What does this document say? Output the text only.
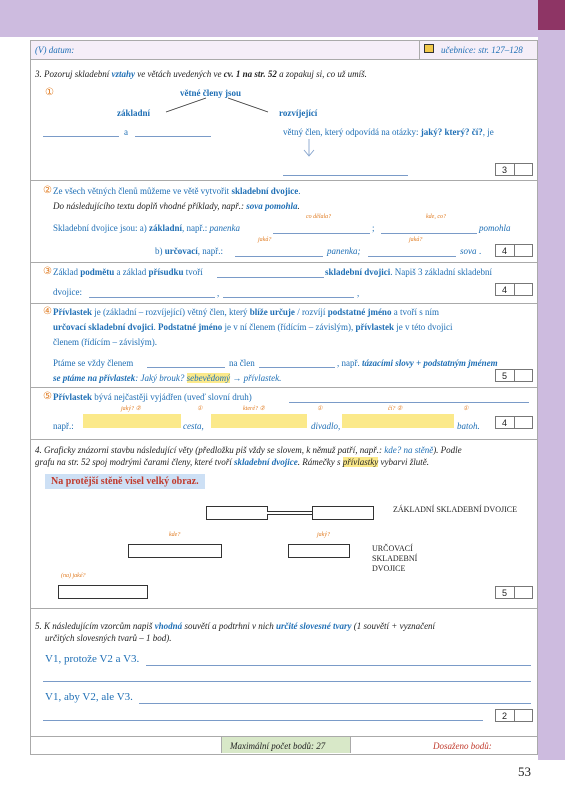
(V) datum:	učebnice: str. 127–128
3. Pozoruj skladební vztahy ve větách uvedených ve cv. 1 na str. 52 a zopakuj si, co už umíš.
①	větné členy jsou
základní	rozvíjející
a	větný člen, který odpovídá na otázky: jaký? který? čí?, je
3
② Ze všech větných členů můžeme ve větě vytvořit skladební dvojice.
Do následujícího textu doplň vhodné příklady, např.: sova pomohla.
co dělala?	kde, co?
Skladební dvojice jsou: a) základní, např.: panenka	;	pomohla
jaká?	jaká?
b) určovací, např.:	panenka;	sova . 4
③ Základ podmětu a základ přísudku tvoří	skladební dvojici. Napiš 3 základní skladební
dvojice:	,	,	4
④ Přívlastek je (základní – rozvíjející) větný člen, který blíže určuje / rozvíjí podstatné jméno a tvoří s ním
určovací skladební dvojici. Podstatné jméno je v ní členem (řídícím – závislým), přívlastek je v této dvojici
členem (řídícím – závislým).
Ptáme se vždy členem	na člen	, např. tázacími slovy + podstatným jménem
se ptáme na přívlastek: Jaký brouk? sebevědomý → přívlastek.	5
⑤ Přívlastek bývá nejčastěji vyjádřen (uveď slovní druh)
jaký? ②	①	které? ②	①	čí? ②	①
např.:	cesta,	divadlo,	batoh. 4
4. Graficky znázorni stavbu následující věty (předložku piš vždy se slovem, k němuž patří, např.: kde? na stěně). Podle
grafu na str. 52 spoj modrými čarami členy, které tvoří skladební dvojice. Rámečky s přívlastky vybarvi žlutě.
Na protější stěně visel velký obraz.
ZÁKLADNÍ SKLADEBNÍ DVOJICE
kde?	jaký?
URČOVACÍ
SKLADEBNÍ
DVOJICE
(na) jaké?
5
5. K následujícím vzorcům napiš vhodná souvětí a podtrhni v nich určité slovesné tvary (1 souvětí + vyznačení
určitých slovesných tvarů – 1 bod).
V1, protože V2 a V3.
V1, aby V2, ale V3.
2
Maximální počet bodů: 27	Dosaženo bodů:
53
